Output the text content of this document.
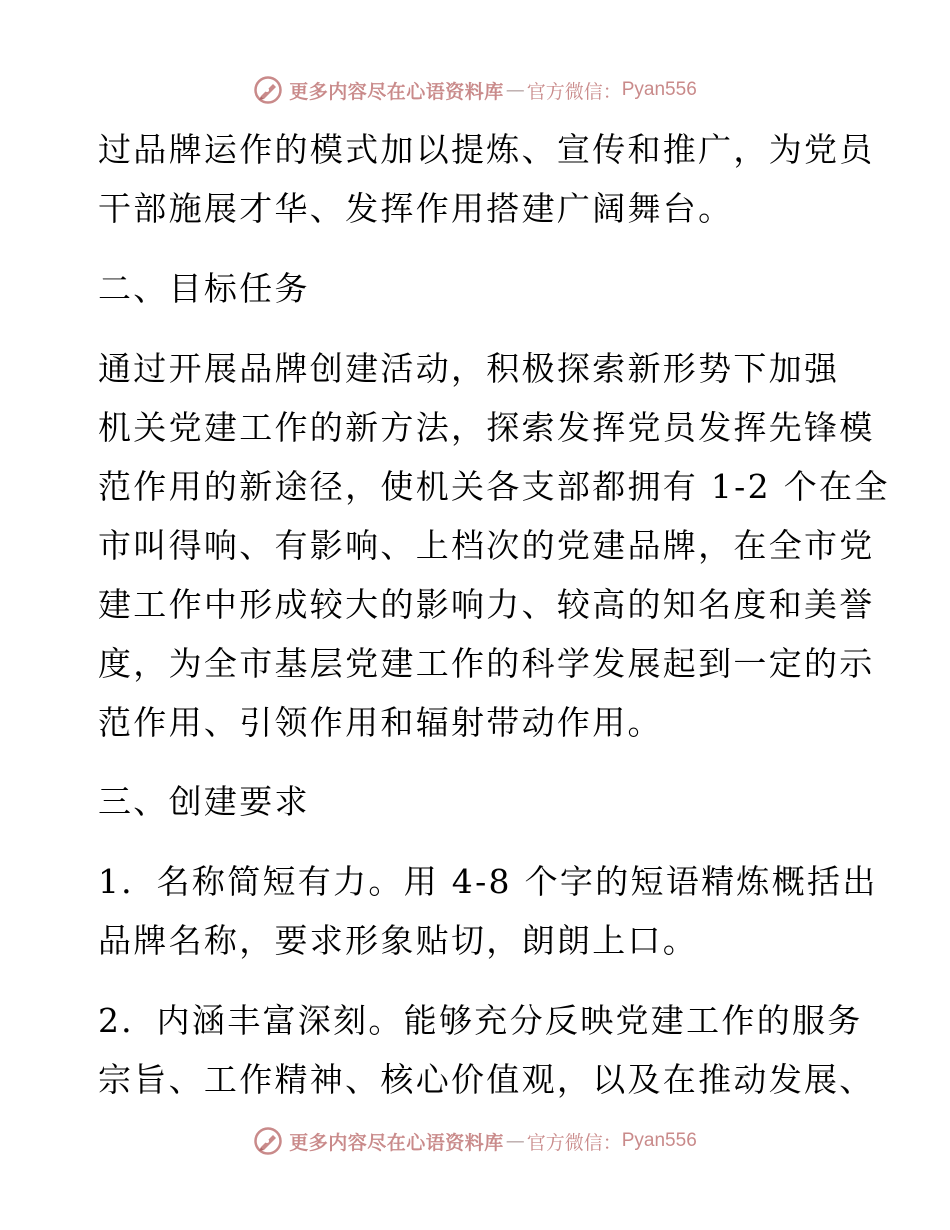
更多内容尽在心语资料库 — 官方微信： Pyan556

过品牌运作的模式加以提炼、宣传和推广，为党员
干部施展才华、发挥作用搭建广阔舞台。

二、目标任务

通过开展品牌创建活动，积极探索新形势下加强
机关党建工作的新方法，探索发挥党员发挥先锋模
范作用的新途径，使机关各支部都拥有 1-2 个在全
市叫得响、有影响、上档次的党建品牌，在全市党
建工作中形成较大的影响力、较高的知名度和美誉
度，为全市基层党建工作的科学发展起到一定的示
范作用、引领作用和辐射带动作用。

三、创建要求

1．名称简短有力。用 4-8 个字的短语精炼概括出
品牌名称，要求形象贴切，朗朗上口。

2．内涵丰富深刻。能够充分反映党建工作的服务
宗旨、工作精神、核心价值观，以及在推动发展、

更多内容尽在心语资料库 — 官方微信： Pyan556
